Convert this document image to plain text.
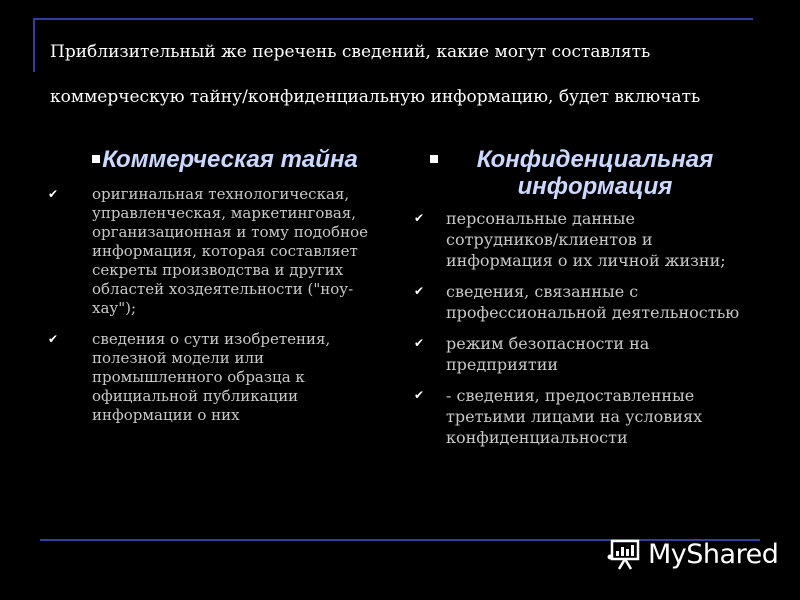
Приблизительный же перечень сведений, какие могут составлять
коммерческую тайну/конфиденциальную информацию, будет включать
Коммерческая тайна
✔ оригинальная технологическая, управленческая, маркетинговая, организационная и тому подобное информация, которая составляет секреты производства и других областей хоздеятельности ("ноу-хау");
✔ сведения о сути изобретения, полезной модели или промышленного образца к официальной публикации информации о них
Конфиденциальная информация
✔ персональные данные сотрудников/клиентов и информация о их личной жизни;
✔ сведения, связанные с профессиональной деятельностью
✔ режим безопасности на предприятии
✔ - сведения, предоставленные третьими лицами на условиях конфиденциальности
MyShared
